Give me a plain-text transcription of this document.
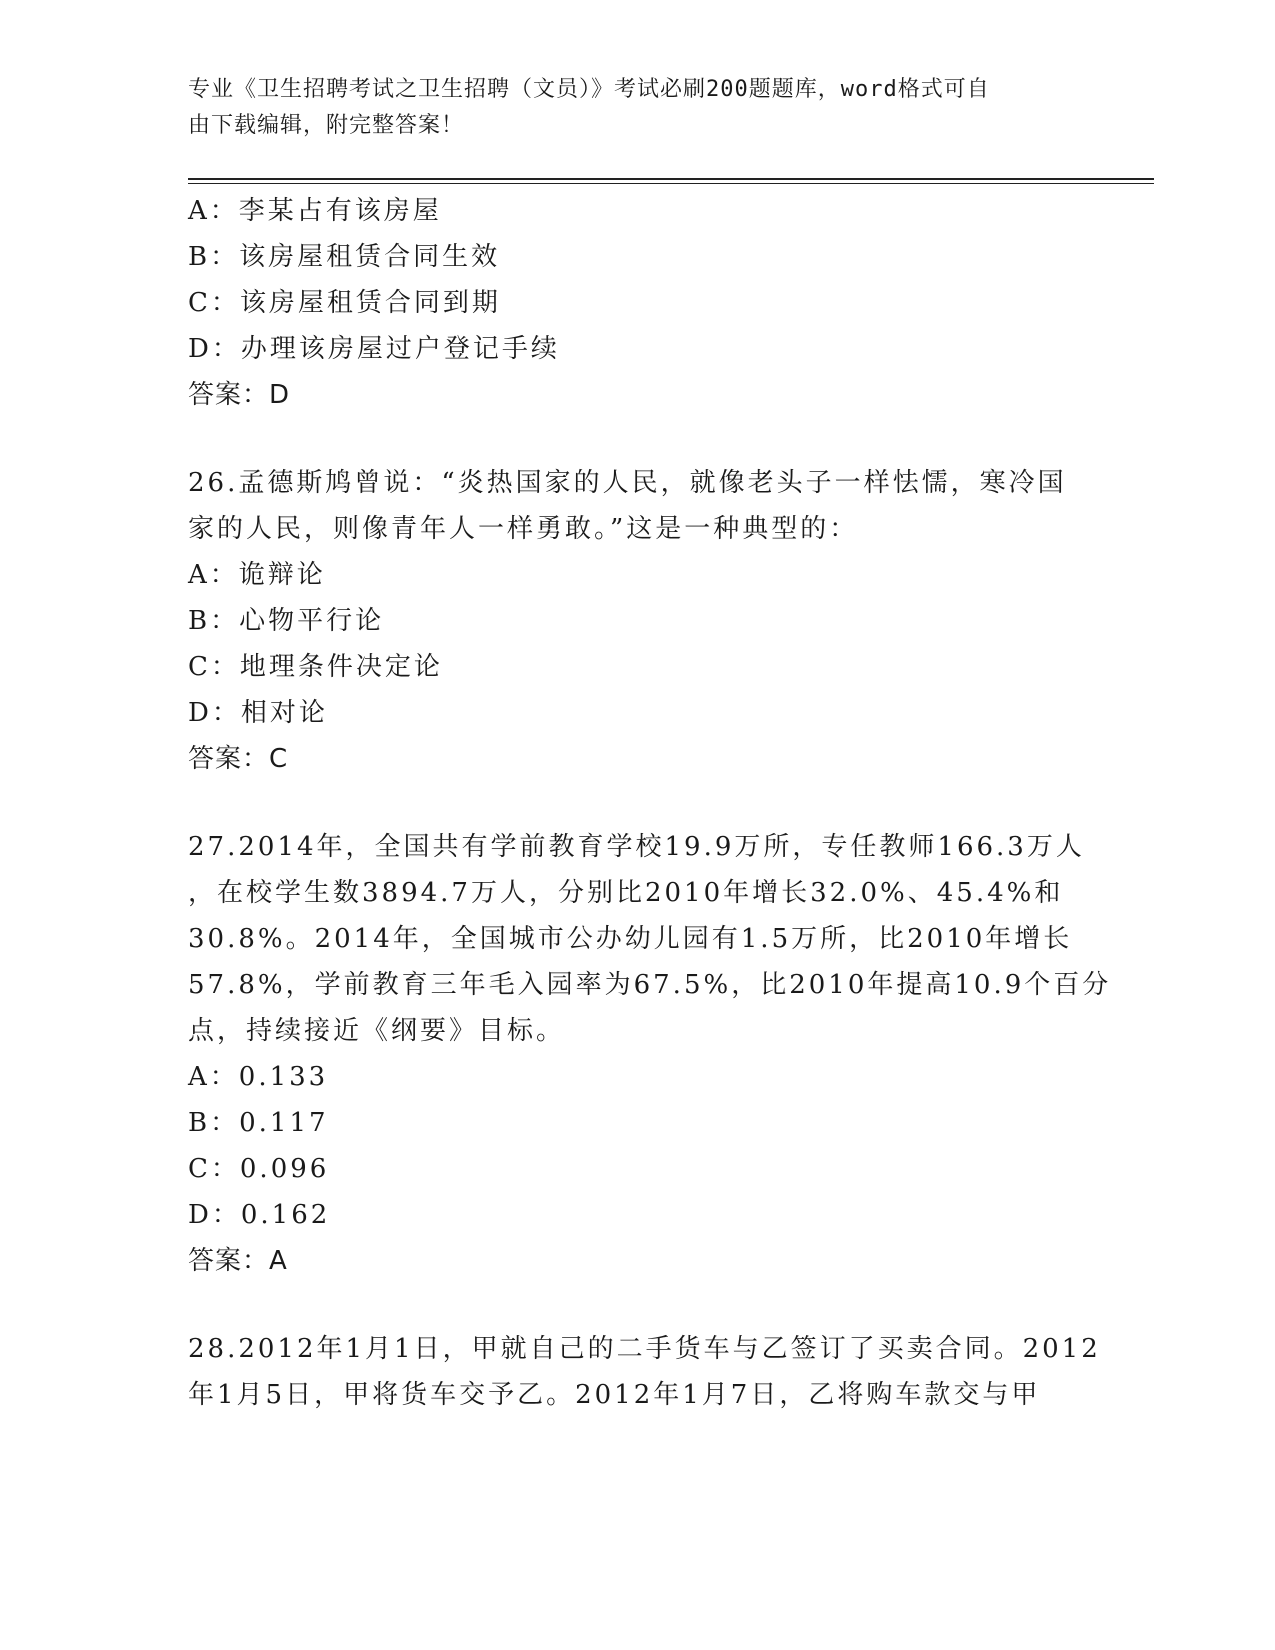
专业《卫生招聘考试之卫生招聘（文员）》考试必刷200题题库，word格式可自
由下载编辑，附完整答案！
A：李某占有该房屋
B：该房屋租赁合同生效
C：该房屋租赁合同到期
D：办理该房屋过户登记手续
答案：D
26.孟德斯鸠曾说：“炎热国家的人民，就像老头子一样怯懦，寒冷国
家的人民，则像青年人一样勇敢。”这是一种典型的：
A：诡辩论
B：心物平行论
C：地理条件决定论
D：相对论
答案：C
27.2014年，全国共有学前教育学校19.9万所，专任教师166.3万人
，在校学生数3894.7万人，分别比2010年增长32.0%、45.4%和
30.8%。2014年，全国城市公办幼儿园有1.5万所，比2010年增长
57.8%，学前教育三年毛入园率为67.5%，比2010年提高10.9个百分
点，持续接近《纲要》目标。
A：0.133
B：0.117
C：0.096
D：0.162
答案：A
28.2012年1月1日，甲就自己的二手货车与乙签订了买卖合同。2012
年1月5日，甲将货车交予乙。2012年1月7日，乙将购车款交与甲
